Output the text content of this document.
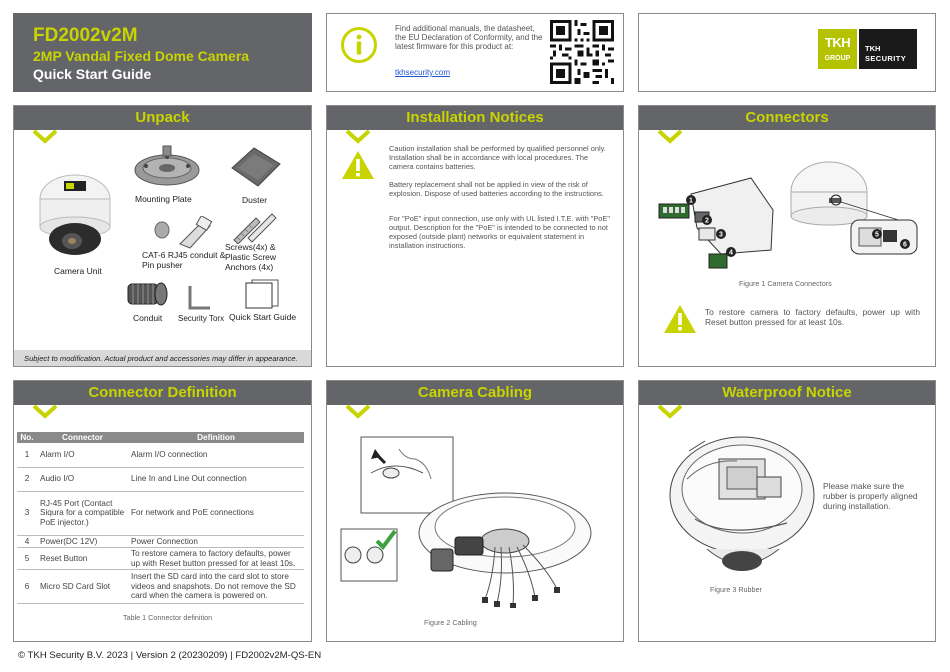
FD2002v2M
2MP Vandal Fixed Dome Camera
Quick Start Guide
Find additional manuals, the datasheet, the EU Declaration of Conformity, and the latest firmware for this product at:
tkhsecurity.com
TKH
GROUP
TKH
SECURITY
Unpack
Camera Unit
Mounting Plate	Duster
CAT-6 RJ45 conduit & Pin pusher
Screws(4x) & Plastic Screw Anchors (4x)
Conduit Security Torx Quick Start Guide
Subject to modification. Actual product and accessories may differ in appearance.
Installation Notices
Caution installation shall be performed by qualified personnel only. Installation shall be in accordance with local procedures. The camera contains batteries.
Battery replacement shall not be applied in view of the risk of explosion. Dispose of used batteries according to the instructions.
For "PoE" input connection, use only with UL listed I.T.E. with "PoE" output. Description for the "PoE" is intended to be connected to not exposed (outside plant) networks or equivalent statement in installation instructions.
Connectors
1
2
3
4
5
6
Figure 1 Camera Connectors
To restore camera to factory defaults, power up with Reset button pressed for at least 10s.
Connector Definition
No.	Connector	Definition
1	Alarm I/O	Alarm I/O connection
2	Audio I/O	Line In and Line Out connection
3	RJ-45 Port (Contact Siqura for a compatible PoE injector.)	For network and PoE connections
4	Power(DC 12V)	Power Connection
5	Reset Button	To restore camera to factory defaults, power up with Reset button pressed for at least 10s.
6	Micro SD Card Slot	Insert the SD card into the card slot to store videos and snapshots. Do not remove the SD card when the camera is powered on.
Table 1 Connector definition
Camera Cabling
Figure 2 Cabling
Waterproof Notice
Please make sure the rubber is properly aligned during installation.
Figure 3 Rubber
© TKH Security B.V. 2023 | Version 2 (20230209) | FD2002v2M-QS-EN
